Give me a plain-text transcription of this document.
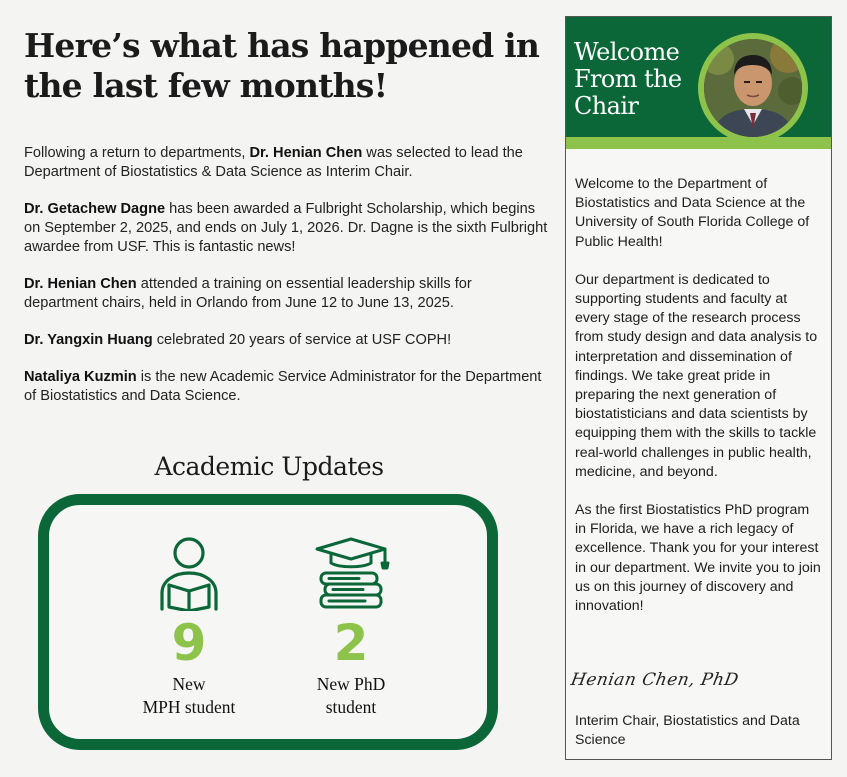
Here’s what has happened in the last few months!

Following a return to departments, Dr. Henian Chen was selected to lead the Department of Biostatistics & Data Science as Interim Chair.

Dr. Getachew Dagne has been awarded a Fulbright Scholarship, which begins on September 2, 2025, and ends on July 1, 2026. Dr. Dagne is the sixth Fulbright awardee from USF. This is fantastic news!

Dr. Henian Chen attended a training on essential leadership skills for department chairs, held in Orlando from June 12 to June 13, 2025.

Dr. Yangxin Huang celebrated 20 years of service at USF COPH!

Nataliya Kuzmin is the new Academic Service Administrator for the Department of Biostatistics and Data Science.

Academic Updates
9
New
MPH student
2
New PhD
student
Welcome
From the
Chair

Welcome to the Department of Biostatistics and Data Science at the University of South Florida College of Public Health!

Our department is dedicated to supporting students and faculty at every stage of the research process from study design and data analysis to interpretation and dissemination of findings. We take great pride in preparing the next generation of biostatisticians and data scientists by equipping them with the skills to tackle real-world challenges in public health, medicine, and beyond.

As the first Biostatistics PhD program in Florida, we have a rich legacy of excellence. Thank you for your interest in our department. We invite you to join us on this journey of discovery and innovation!

Henian Chen, PhD
Interim Chair, Biostatistics and Data Science
